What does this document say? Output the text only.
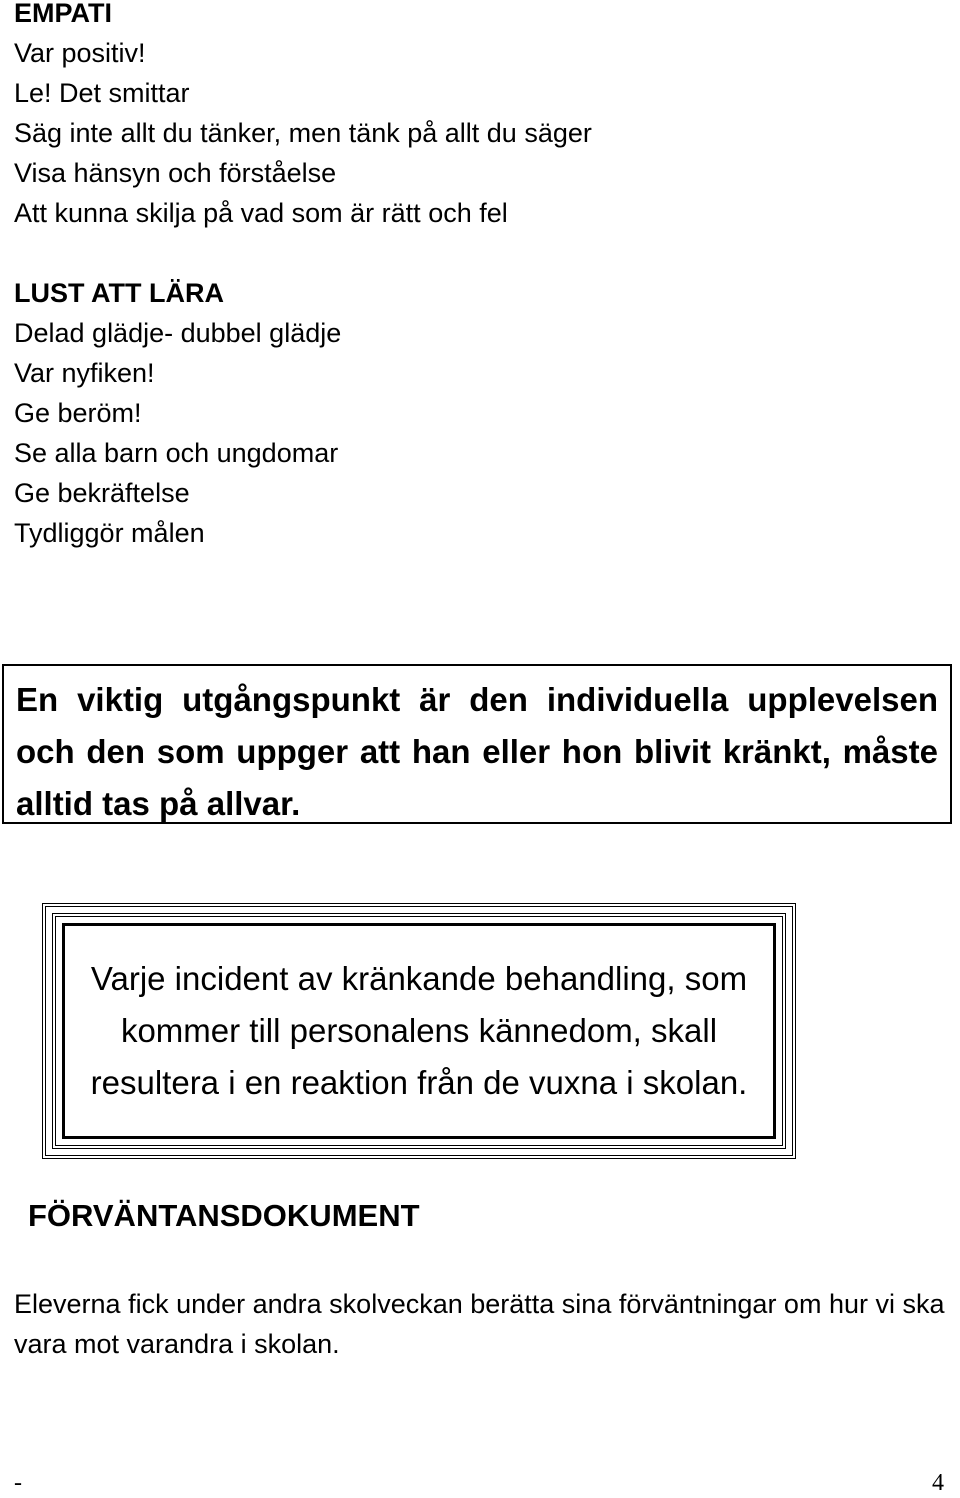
EMPATI
Var positiv!
Le! Det smittar
Säg inte allt du tänker, men tänk på allt du säger
Visa hänsyn och förståelse
Att kunna skilja på vad som är rätt och fel
LUST ATT LÄRA
Delad glädje- dubbel glädje
Var nyfiken!
Ge beröm!
Se alla barn och ungdomar
Ge bekräftelse
Tydliggör målen

En viktig utgångspunkt är den individuella upplevelsen och den som uppger att han eller hon blivit kränkt, måste alltid tas på allvar.

Varje incident av kränkande behandling, som kommer till personalens kännedom, skall resultera i en reaktion från de vuxna i skolan.

FÖRVÄNTANSDOKUMENT

Eleverna fick under andra skolveckan berätta sina förväntningar om hur vi ska vara mot varandra i skolan.

-	4
